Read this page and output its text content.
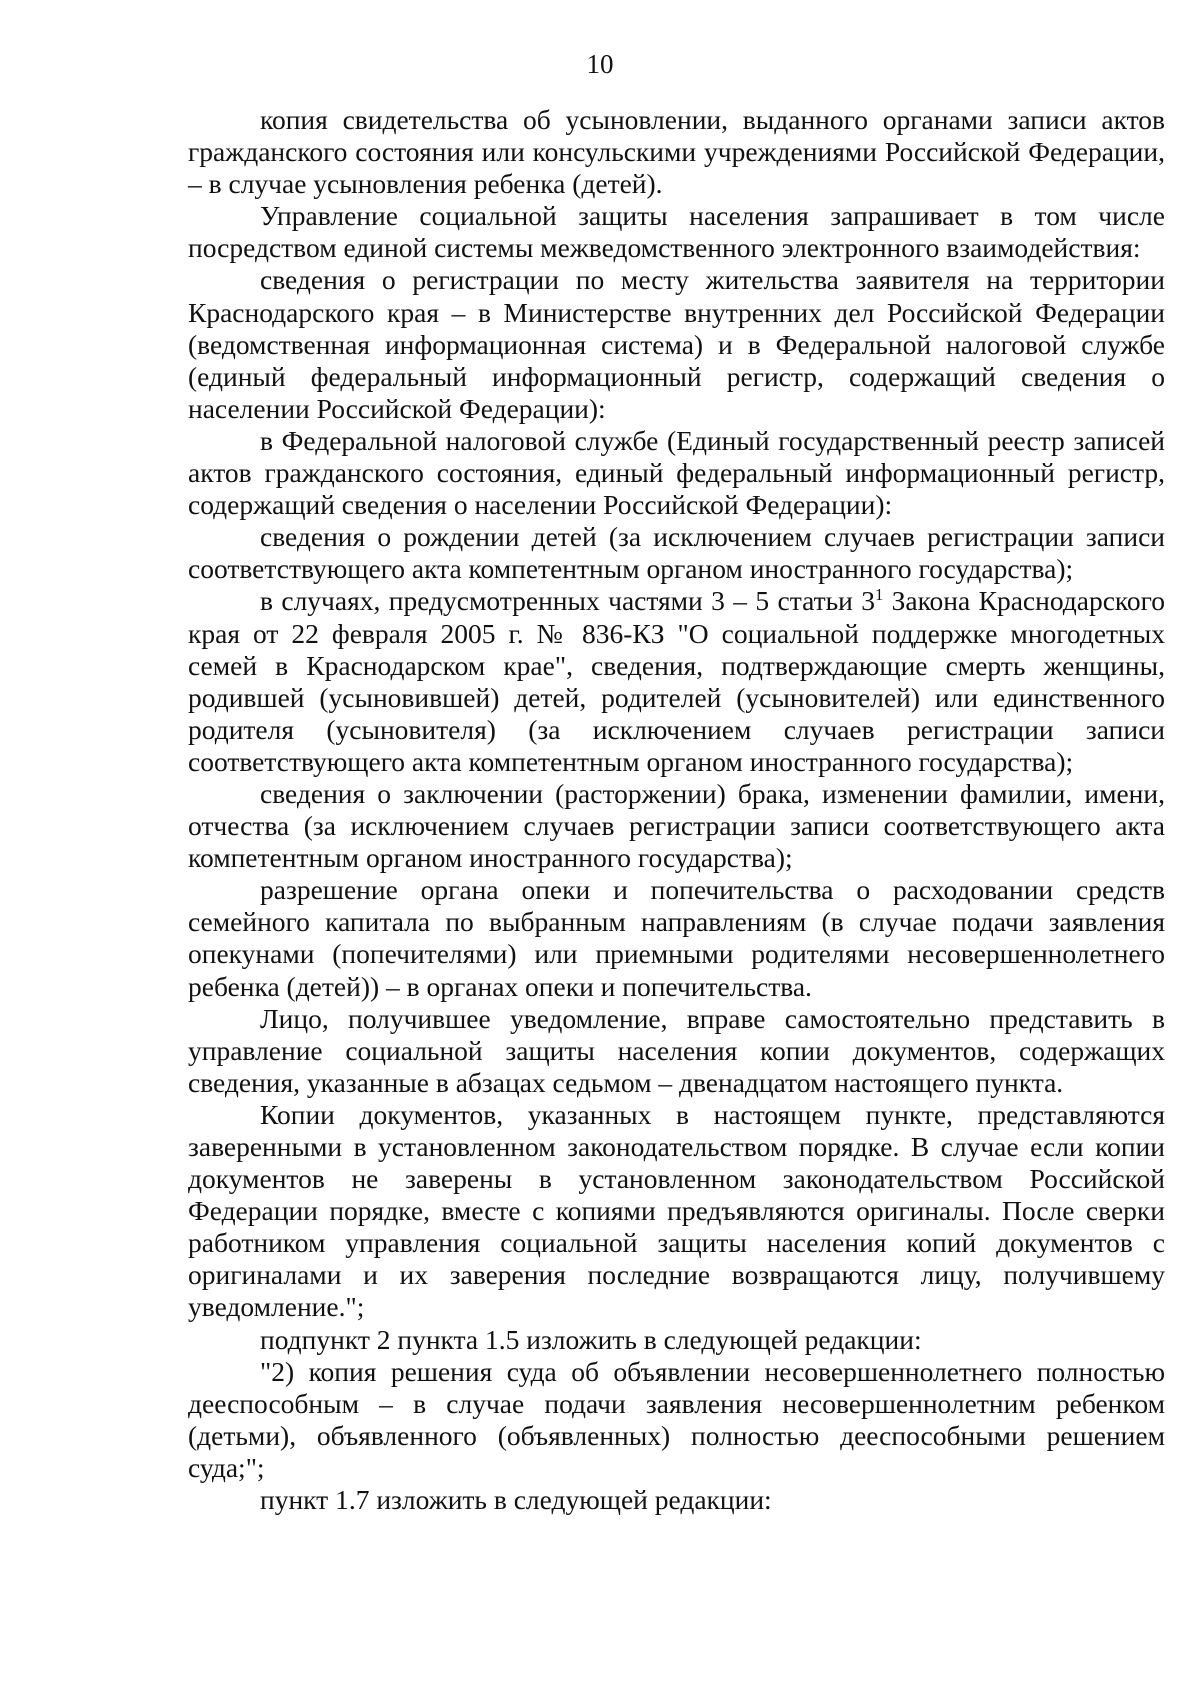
10

копия свидетельства об усыновлении, выданного органами записи актов гражданского состояния или консульскими учреждениями Российской Федерации, – в случае усыновления ребенка (детей).

Управление социальной защиты населения запрашивает в том числе посредством единой системы межведомственного электронного взаимодействия:

сведения о регистрации по месту жительства заявителя на территории Краснодарского края – в Министерстве внутренних дел Российской Федерации (ведомственная информационная система) и в Федеральной налоговой службе (единый федеральный информационный регистр, содержащий сведения о населении Российской Федерации):

в Федеральной налоговой службе (Единый государственный реестр записей актов гражданского состояния, единый федеральный информационный регистр, содержащий сведения о населении Российской Федерации):

сведения о рождении детей (за исключением случаев регистрации записи соответствующего акта компетентным органом иностранного государства);

в случаях, предусмотренных частями 3 – 5 статьи $3^1$ Закона Краснодарского края от 22 февраля 2005 г. № 836-КЗ "О социальной поддержке многодетных семей в Краснодарском крае", сведения, подтверждающие смерть женщины, родившей (усыновившей) детей, родителей (усыновителей) или единственного родителя (усыновителя) (за исключением случаев регистрации записи соответствующего акта компетентным органом иностранного государства);

сведения о заключении (расторжении) брака, изменении фамилии, имени, отчества (за исключением случаев регистрации записи соответствующего акта компетентным органом иностранного государства);

разрешение органа опеки и попечительства о расходовании средств семейного капитала по выбранным направлениям (в случае подачи заявления опекунами (попечителями) или приемными родителями несовершеннолетнего ребенка (детей)) – в органах опеки и попечительства.

Лицо, получившее уведомление, вправе самостоятельно представить в управление социальной защиты населения копии документов, содержащих сведения, указанные в абзацах седьмом – двенадцатом настоящего пункта.

Копии документов, указанных в настоящем пункте, представляются заверенными в установленном законодательством порядке. В случае если копии документов не заверены в установленном законодательством Российской Федерации порядке, вместе с копиями предъявляются оригиналы. После сверки работником управления социальной защиты населения копий документов с оригиналами и их заверения последние возвращаются лицу, получившему уведомление.";

подпункт 2 пункта 1.5 изложить в следующей редакции:

"2) копия решения суда об объявлении несовершеннолетнего полностью дееспособным – в случае подачи заявления несовершеннолетним ребенком (детьми), объявленного (объявленных) полностью дееспособными решением суда;";

пункт 1.7 изложить в следующей редакции:
